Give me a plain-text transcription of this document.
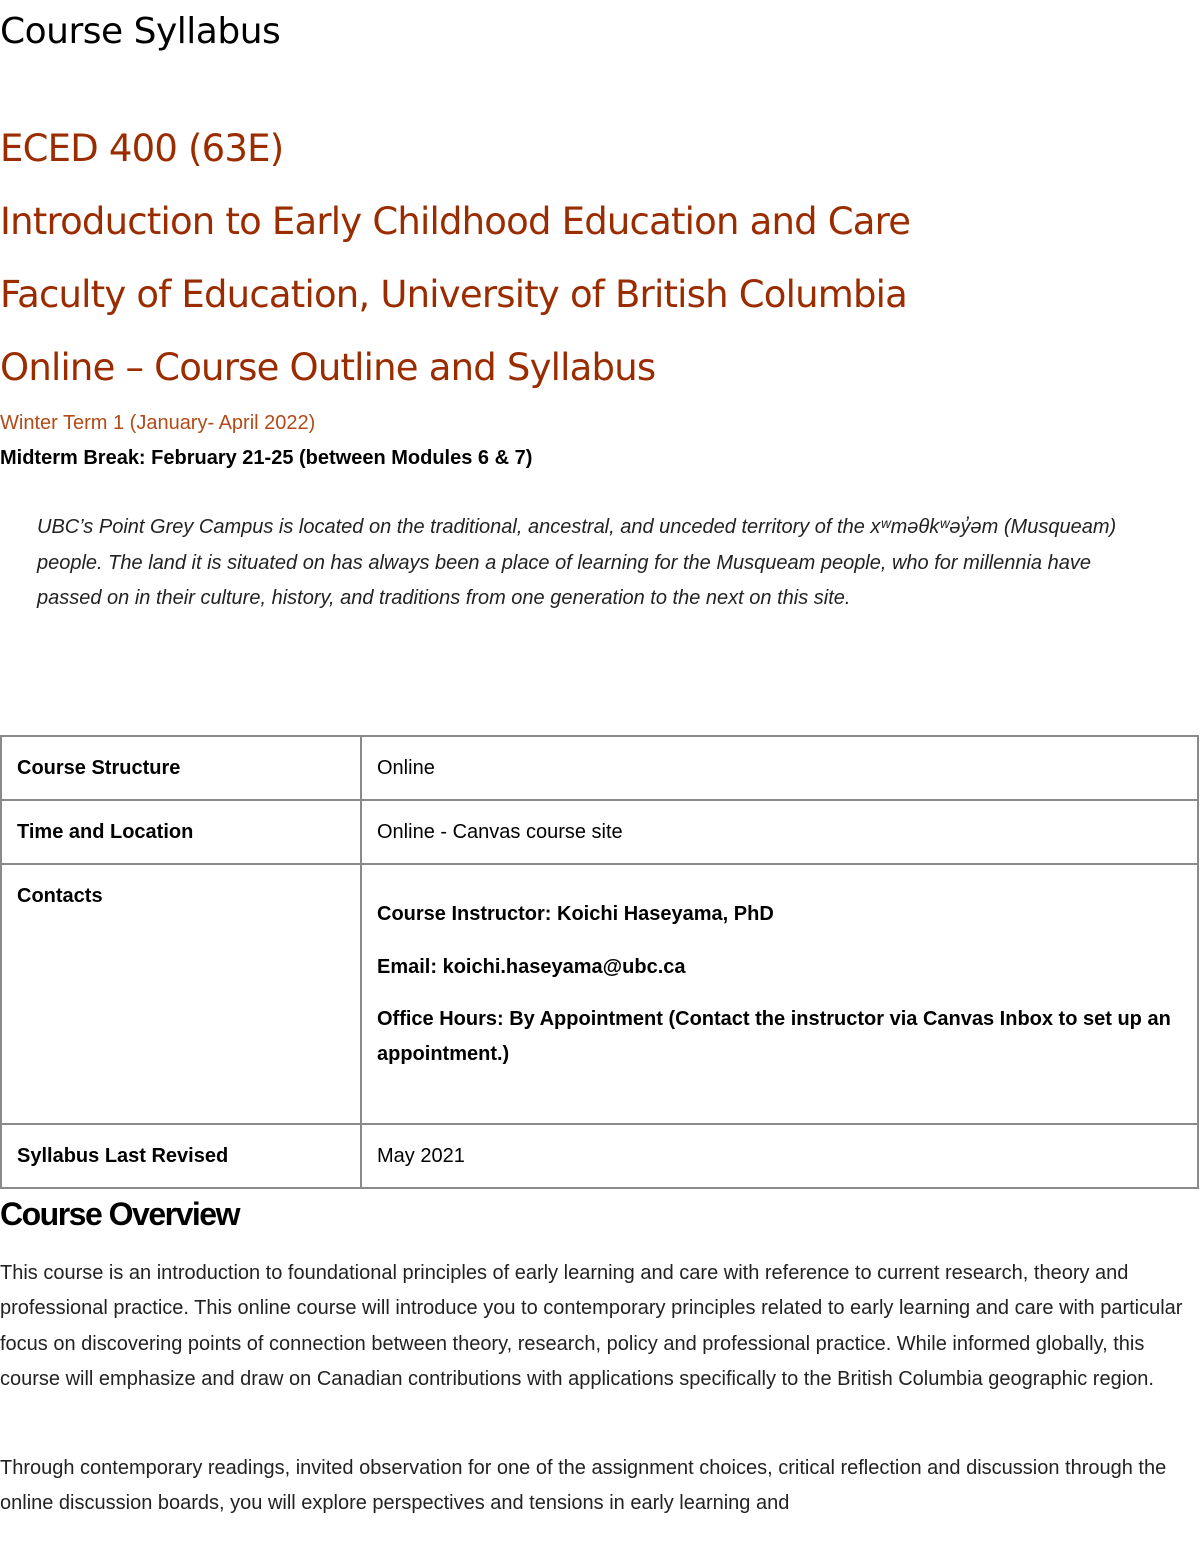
Course Syllabus
ECED 400 (63E)
Introduction to Early Childhood Education and Care
Faculty of Education, University of British Columbia
Online – Course Outline and Syllabus

Winter Term 1 (January- April 2022)

Midterm Break: February 21-25 (between Modules 6 & 7)

UBC’s Point Grey Campus is located on the traditional, ancestral, and unceded territory of the xʷməθkʷəy̓əm (Musqueam) people. The land it is situated on has always been a place of learning for the Musqueam people, who for millennia have passed on in their culture, history, and traditions from one generation to the next on this site.

Course Structure	Online
Time and Location	Online - Canvas course site
Contacts	Course Instructor: Koichi Haseyama, PhD

Email: koichi.haseyama@ubc.ca

Office Hours: By Appointment (Contact the instructor via Canvas Inbox to set up an appointment.)

Syllabus Last Revised	May 2021
Course Overview

This course is an introduction to foundational principles of early learning and care with reference to current research, theory and professional practice. This online course will introduce you to contemporary principles related to early learning and care with particular focus on discovering points of connection between theory, research, policy and professional practice. While informed globally, this course will emphasize and draw on Canadian contributions with applications specifically to the British Columbia geographic region.

Through contemporary readings, invited observation for one of the assignment choices, critical reflection and discussion through the online discussion boards, you will explore perspectives and tensions in early learning and
